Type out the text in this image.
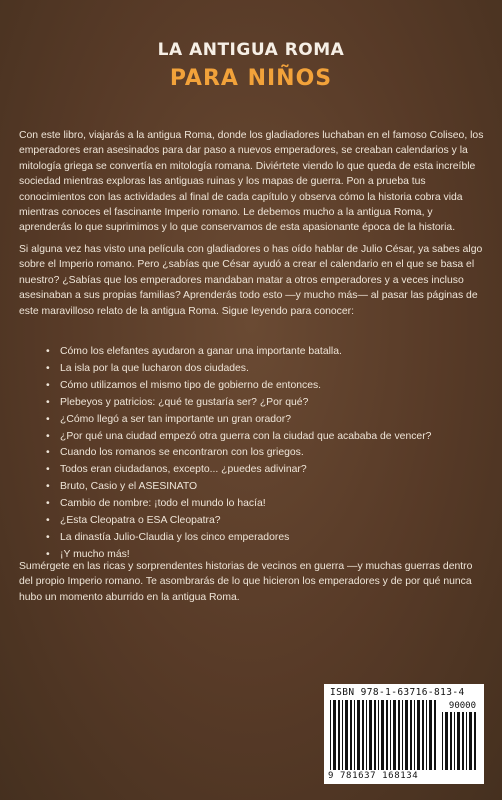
LA ANTIGUA ROMA
PARA NIÑOS
Con este libro, viajarás a la antigua Roma, donde los gladiadores luchaban en el famoso Coliseo, los emperadores eran asesinados para dar paso a nuevos emperadores, se creaban calendarios y la mitología griega se convertía en mitología romana. Diviértete viendo lo que queda de esta increíble sociedad mientras exploras las antiguas ruinas y los mapas de guerra. Pon a prueba tus conocimientos con las actividades al final de cada capítulo y observa cómo la historia cobra vida mientras conoces el fascinante Imperio romano. Le debemos mucho a la antigua Roma, y aprenderás lo que suprimimos y lo que conservamos de esta apasionante época de la historia.
Si alguna vez has visto una película con gladiadores o has oído hablar de Julio César, ya sabes algo sobre el Imperio romano. Pero ¿sabías que César ayudó a crear el calendario en el que se basa el nuestro? ¿Sabías que los emperadores mandaban matar a otros emperadores y a veces incluso asesinaban a sus propias familias? Aprenderás todo esto —y mucho más— al pasar las páginas de este maravilloso relato de la antigua Roma. Sigue leyendo para conocer:
• Cómo los elefantes ayudaron a ganar una importante batalla.
• La isla por la que lucharon dos ciudades.
• Cómo utilizamos el mismo tipo de gobierno de entonces.
• Plebeyos y patricios: ¿qué te gustaría ser? ¿Por qué?
• ¿Cómo llegó a ser tan importante un gran orador?
• ¿Por qué una ciudad empezó otra guerra con la ciudad que acababa de vencer?
• Cuando los romanos se encontraron con los griegos.
• Todos eran ciudadanos, excepto... ¿puedes adivinar?
• Bruto, Casio y el ASESINATO
• Cambio de nombre: ¡todo el mundo lo hacía!
• ¿Esta Cleopatra o ESA Cleopatra?
• La dinastía Julio-Claudia y los cinco emperadores
• ¡Y mucho más!
Sumérgete en las ricas y sorprendentes historias de vecinos en guerra —y muchas guerras dentro del propio Imperio romano. Te asombrarás de lo que hicieron los emperadores y de por qué nunca hubo un momento aburrido en la antigua Roma.
ISBN 978-1-63716-813-4
90000
9 781637 168134
